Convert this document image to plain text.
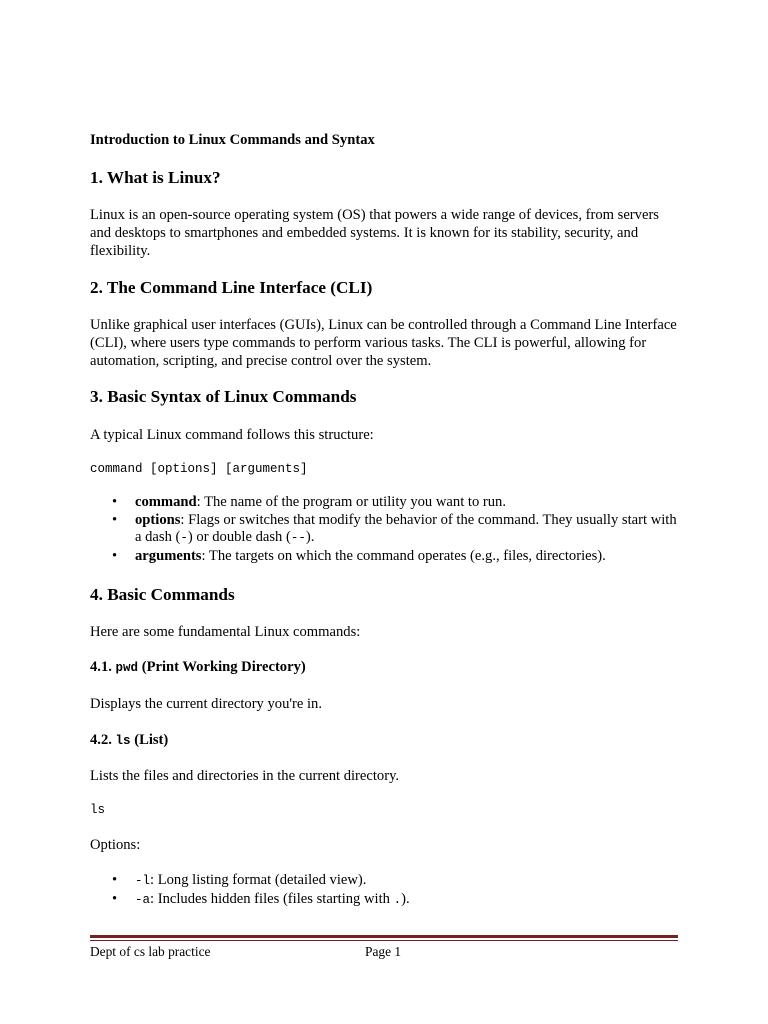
Introduction to Linux Commands and Syntax
1. What is Linux?
Linux is an open-source operating system (OS) that powers a wide range of devices, from servers and desktops to smartphones and embedded systems. It is known for its stability, security, and flexibility.
2. The Command Line Interface (CLI)
Unlike graphical user interfaces (GUIs), Linux can be controlled through a Command Line Interface (CLI), where users type commands to perform various tasks. The CLI is powerful, allowing for automation, scripting, and precise control over the system.
3. Basic Syntax of Linux Commands
A typical Linux command follows this structure:
command [options] [arguments]
• command: The name of the program or utility you want to run.
• options: Flags or switches that modify the behavior of the command. They usually start with a dash (-) or double dash (--).
• arguments: The targets on which the command operates (e.g., files, directories).
4. Basic Commands
Here are some fundamental Linux commands:
4.1. pwd (Print Working Directory)
Displays the current directory you're in.
4.2. ls (List)
Lists the files and directories in the current directory.
ls
Options:
• -l: Long listing format (detailed view).
• -a: Includes hidden files (files starting with .).
Dept of cs lab practice	Page 1
